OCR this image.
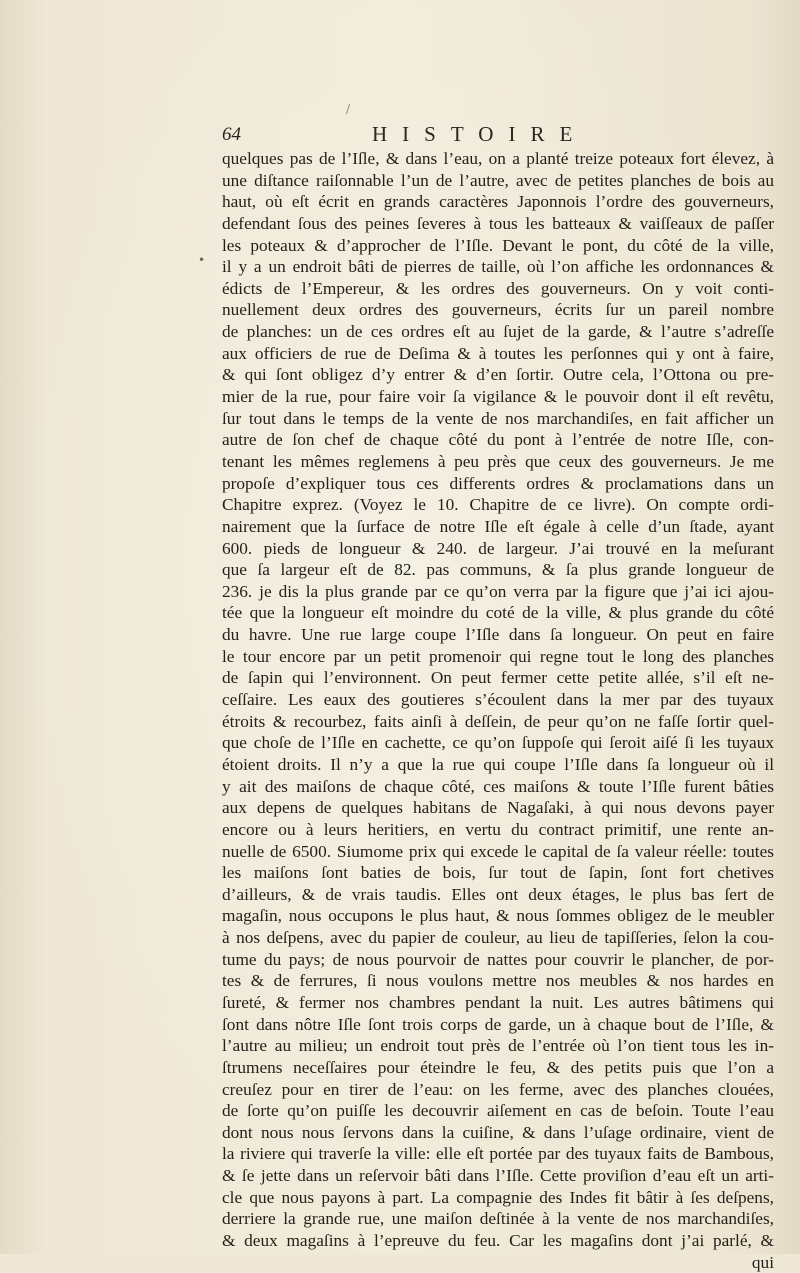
/
•
64	HISTOIRE
quelques pas de l’Iſle, & dans l’eau, on a planté treize poteaux fort élevez, à
une diſtance raiſonnable l’un de l’autre, avec de petites planches de bois au
haut, où eſt écrit en grands caractères Japonnois l’ordre des gouverneurs,
defendant ſous des peines ſeveres à tous les batteaux & vaiſſeaux de paſſer
les poteaux & d’approcher de l’Iſle. Devant le pont, du côté de la ville,
il y a un endroit bâti de pierres de taille, où l’on affiche les ordonnances &
édicts de l’Empereur, & les ordres des gouverneurs. On y voit conti-
nuellement deux ordres des gouverneurs, écrits ſur un pareil nombre
de planches: un de ces ordres eſt au ſujet de la garde, & l’autre s’adreſſe
aux officiers de rue de Deſima & à toutes les perſonnes qui y ont à faire,
& qui ſont obligez d’y entrer & d’en ſortir. Outre cela, l’Ottona ou pre-
mier de la rue, pour faire voir ſa vigilance & le pouvoir dont il eſt revêtu,
ſur tout dans le temps de la vente de nos marchandiſes, en fait afficher un
autre de ſon chef de chaque côté du pont à l’entrée de notre Iſle, con-
tenant les mêmes reglemens à peu près que ceux des gouverneurs. Je me
propoſe d’expliquer tous ces differents ordres & proclamations dans un
Chapitre exprez. (Voyez le 10. Chapitre de ce livre). On compte ordi-
nairement que la ſurface de notre Iſle eſt égale à celle d’un ſtade, ayant
600. pieds de longueur & 240. de largeur. J’ai trouvé en la meſurant
que ſa largeur eſt de 82. pas communs, & ſa plus grande longueur de
236. je dis la plus grande par ce qu’on verra par la figure que j’ai ici ajou-
tée que la longueur eſt moindre du coté de la ville, & plus grande du côté
du havre. Une rue large coupe l’Iſle dans ſa longueur. On peut en faire
le tour encore par un petit promenoir qui regne tout le long des planches
de ſapin qui l’environnent. On peut fermer cette petite allée, s’il eſt ne-
ceſſaire. Les eaux des goutieres s’écoulent dans la mer par des tuyaux
étroits & recourbez, faits ainſi à deſſein, de peur qu’on ne faſſe ſortir quel-
que choſe de l’Iſle en cachette, ce qu’on ſuppoſe qui ſeroit aiſé ſi les tuyaux
étoient droits. Il n’y a que la rue qui coupe l’Iſle dans ſa longueur où il
y ait des maiſons de chaque côté, ces maiſons & toute l’Iſle furent bâties
aux depens de quelques habitans de Nagaſaki, à qui nous devons payer
encore ou à leurs heritiers, en vertu du contract primitif, une rente an-
nuelle de 6500. Siumome prix qui excede le capital de ſa valeur réelle: toutes
les maiſons ſont baties de bois, ſur tout de ſapin, ſont fort chetives
d’ailleurs, & de vrais taudis. Elles ont deux étages, le plus bas ſert de
magaſin, nous occupons le plus haut, & nous ſommes obligez de le meubler
à nos deſpens, avec du papier de couleur, au lieu de tapiſſeries, ſelon la cou-
tume du pays; de nous pourvoir de nattes pour couvrir le plancher, de por-
tes & de ferrures, ſi nous voulons mettre nos meubles & nos hardes en
ſureté, & fermer nos chambres pendant la nuit. Les autres bâtimens qui
ſont dans nôtre Iſle ſont trois corps de garde, un à chaque bout de l’Iſle, &
l’autre au milieu; un endroit tout près de l’entrée où l’on tient tous les in-
ſtrumens neceſſaires pour éteindre le feu, & des petits puis que l’on a
creuſez pour en tirer de l’eau: on les ferme, avec des planches clouées,
de ſorte qu’on puiſſe les decouvrir aiſement en cas de beſoin. Toute l’eau
dont nous nous ſervons dans la cuiſine, & dans l’uſage ordinaire, vient de
la riviere qui traverſe la ville: elle eſt portée par des tuyaux faits de Bambous,
& ſe jette dans un reſervoir bâti dans l’Iſle. Cette proviſion d’eau eſt un arti-
cle que nous payons à part. La compagnie des Indes fit bâtir à ſes deſpens,
derriere la grande rue, une maiſon deſtinée à la vente de nos marchandiſes,
& deux magaſins à l’epreuve du feu. Car les magaſins dont j’ai parlé, &
qui
